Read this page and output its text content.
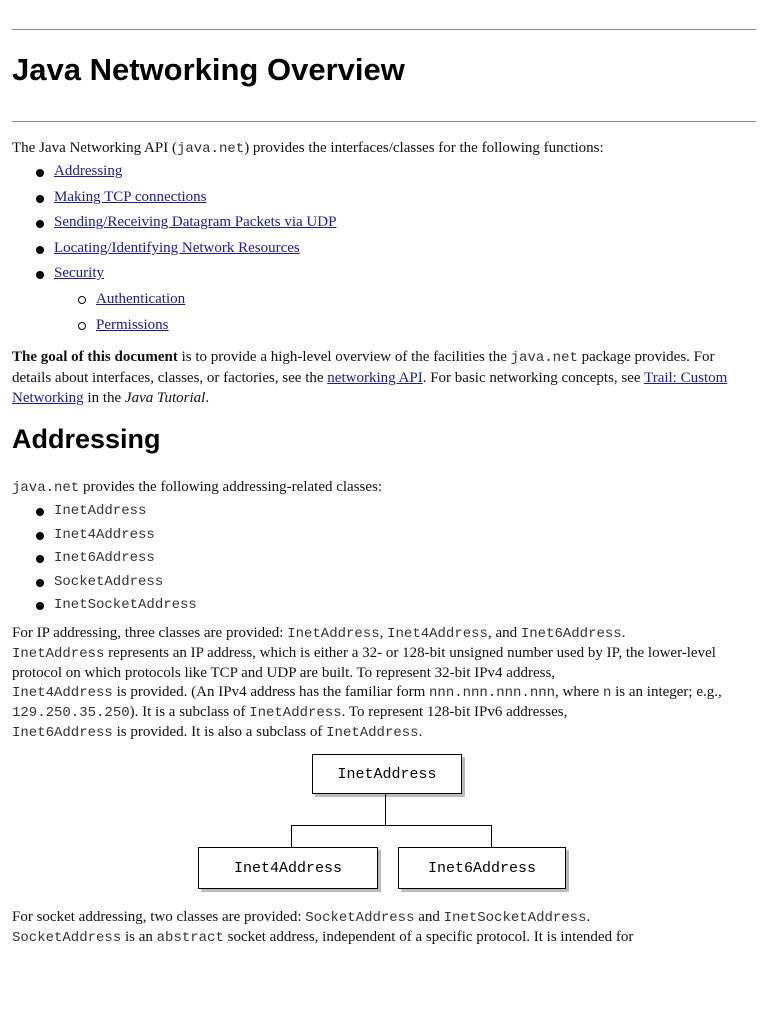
Java Networking Overview

The Java Networking API (java.net) provides the interfaces/classes for the following functions:

Addressing
Making TCP connections
Sending/Receiving Datagram Packets via UDP
Locating/Identifying Network Resources
Security
Authentication
Permissions

The goal of this document is to provide a high-level overview of the facilities the java.net package provides. For details about interfaces, classes, or factories, see the networking API. For basic networking concepts, see Trail: Custom Networking in the Java Tutorial.

Addressing

java.net provides the following addressing-related classes:

InetAddress
Inet4Address
Inet6Address
SocketAddress
InetSocketAddress

For IP addressing, three classes are provided: InetAddress, Inet4Address, and Inet6Address.
InetAddress represents an IP address, which is either a 32- or 128-bit unsigned number used by IP, the lower-level protocol on which protocols like TCP and UDP are built. To represent 32-bit IPv4 address,
Inet4Address is provided. (An IPv4 address has the familiar form nnn.nnn.nnn.nnn, where n is an integer; e.g., 129.250.35.250). It is a subclass of InetAddress. To represent 128-bit IPv6 addresses,
Inet6Address is provided. It is also a subclass of InetAddress.

InetAddress
Inet4Address	Inet6Address

For socket addressing, two classes are provided: SocketAddress and InetSocketAddress.
SocketAddress is an abstract socket address, independent of a specific protocol. It is intended for
